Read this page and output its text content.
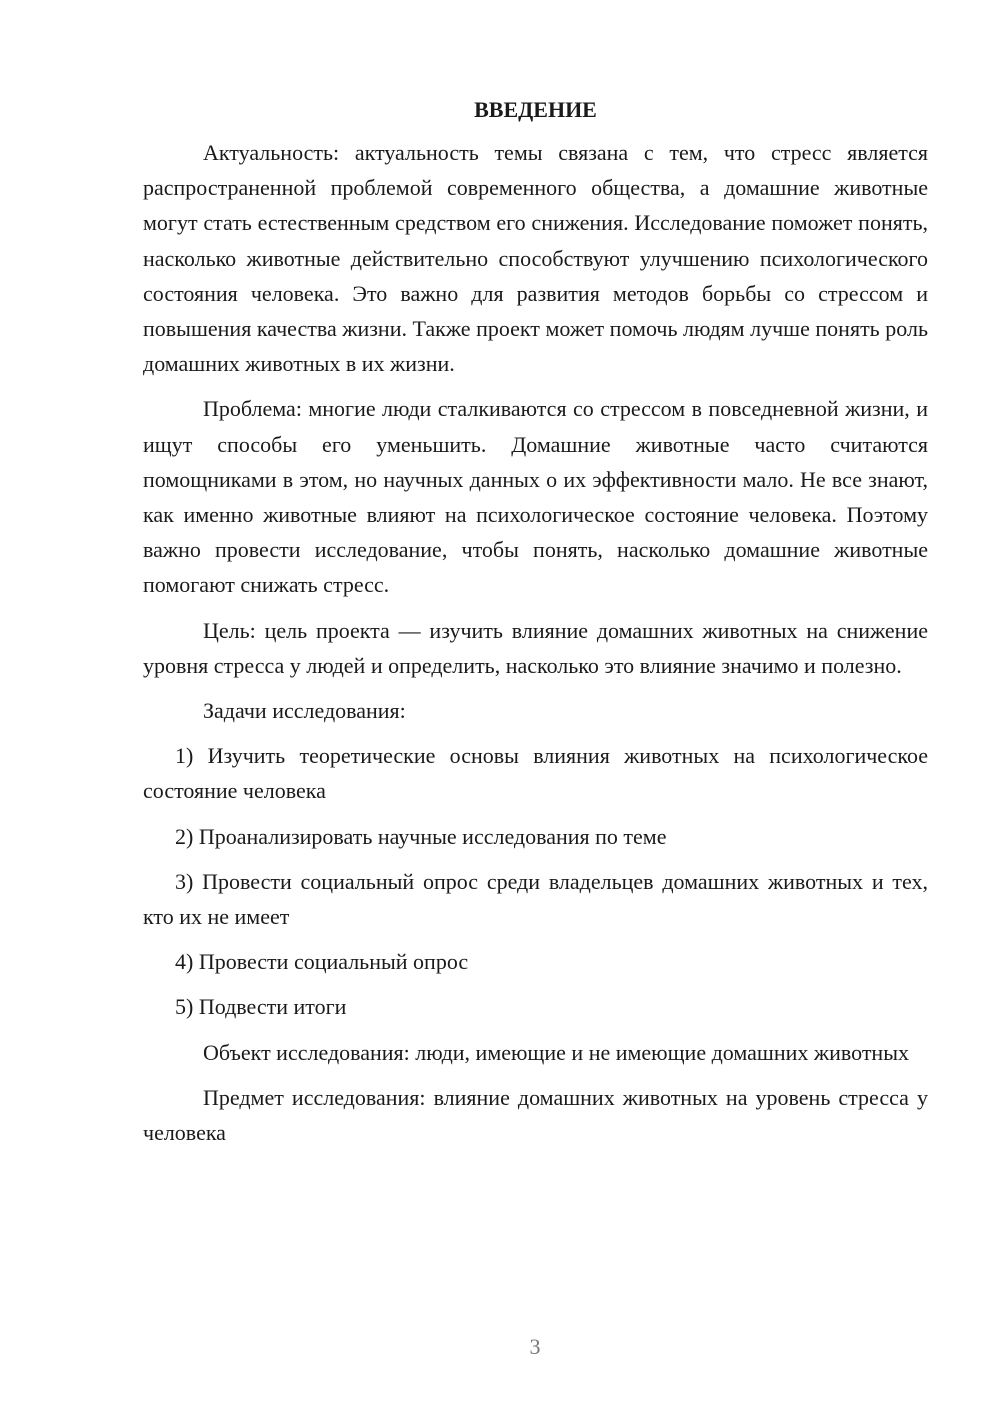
ВВЕДЕНИЕ

Актуальность: актуальность темы связана с тем, что стресс является распространенной проблемой современного общества, а домашние животные могут стать естественным средством его снижения. Исследование поможет понять, насколько животные действительно способствуют улучшению психологического состояния человека. Это важно для развития методов борьбы со стрессом и повышения качества жизни. Также проект может помочь людям лучше понять роль домашних животных в их жизни.

Проблема: многие люди сталкиваются со стрессом в повседневной жизни, и ищут способы его уменьшить. Домашние животные часто считаются помощниками в этом, но научных данных о их эффективности мало. Не все знают, как именно животные влияют на психологическое состояние человека. Поэтому важно провести исследование, чтобы понять, насколько домашние животные помогают снижать стресс.

Цель: цель проекта — изучить влияние домашних животных на снижение уровня стресса у людей и определить, насколько это влияние значимо и полезно.

Задачи исследования:

1) Изучить теоретические основы влияния животных на психологическое состояние человека

2) Проанализировать научные исследования по теме

3) Провести социальный опрос среди владельцев домашних животных и тех, кто их не имеет

4) Провести социальный опрос

5) Подвести итоги

Объект исследования: люди, имеющие и не имеющие домашних животных

Предмет исследования: влияние домашних животных на уровень стресса у человека

3
